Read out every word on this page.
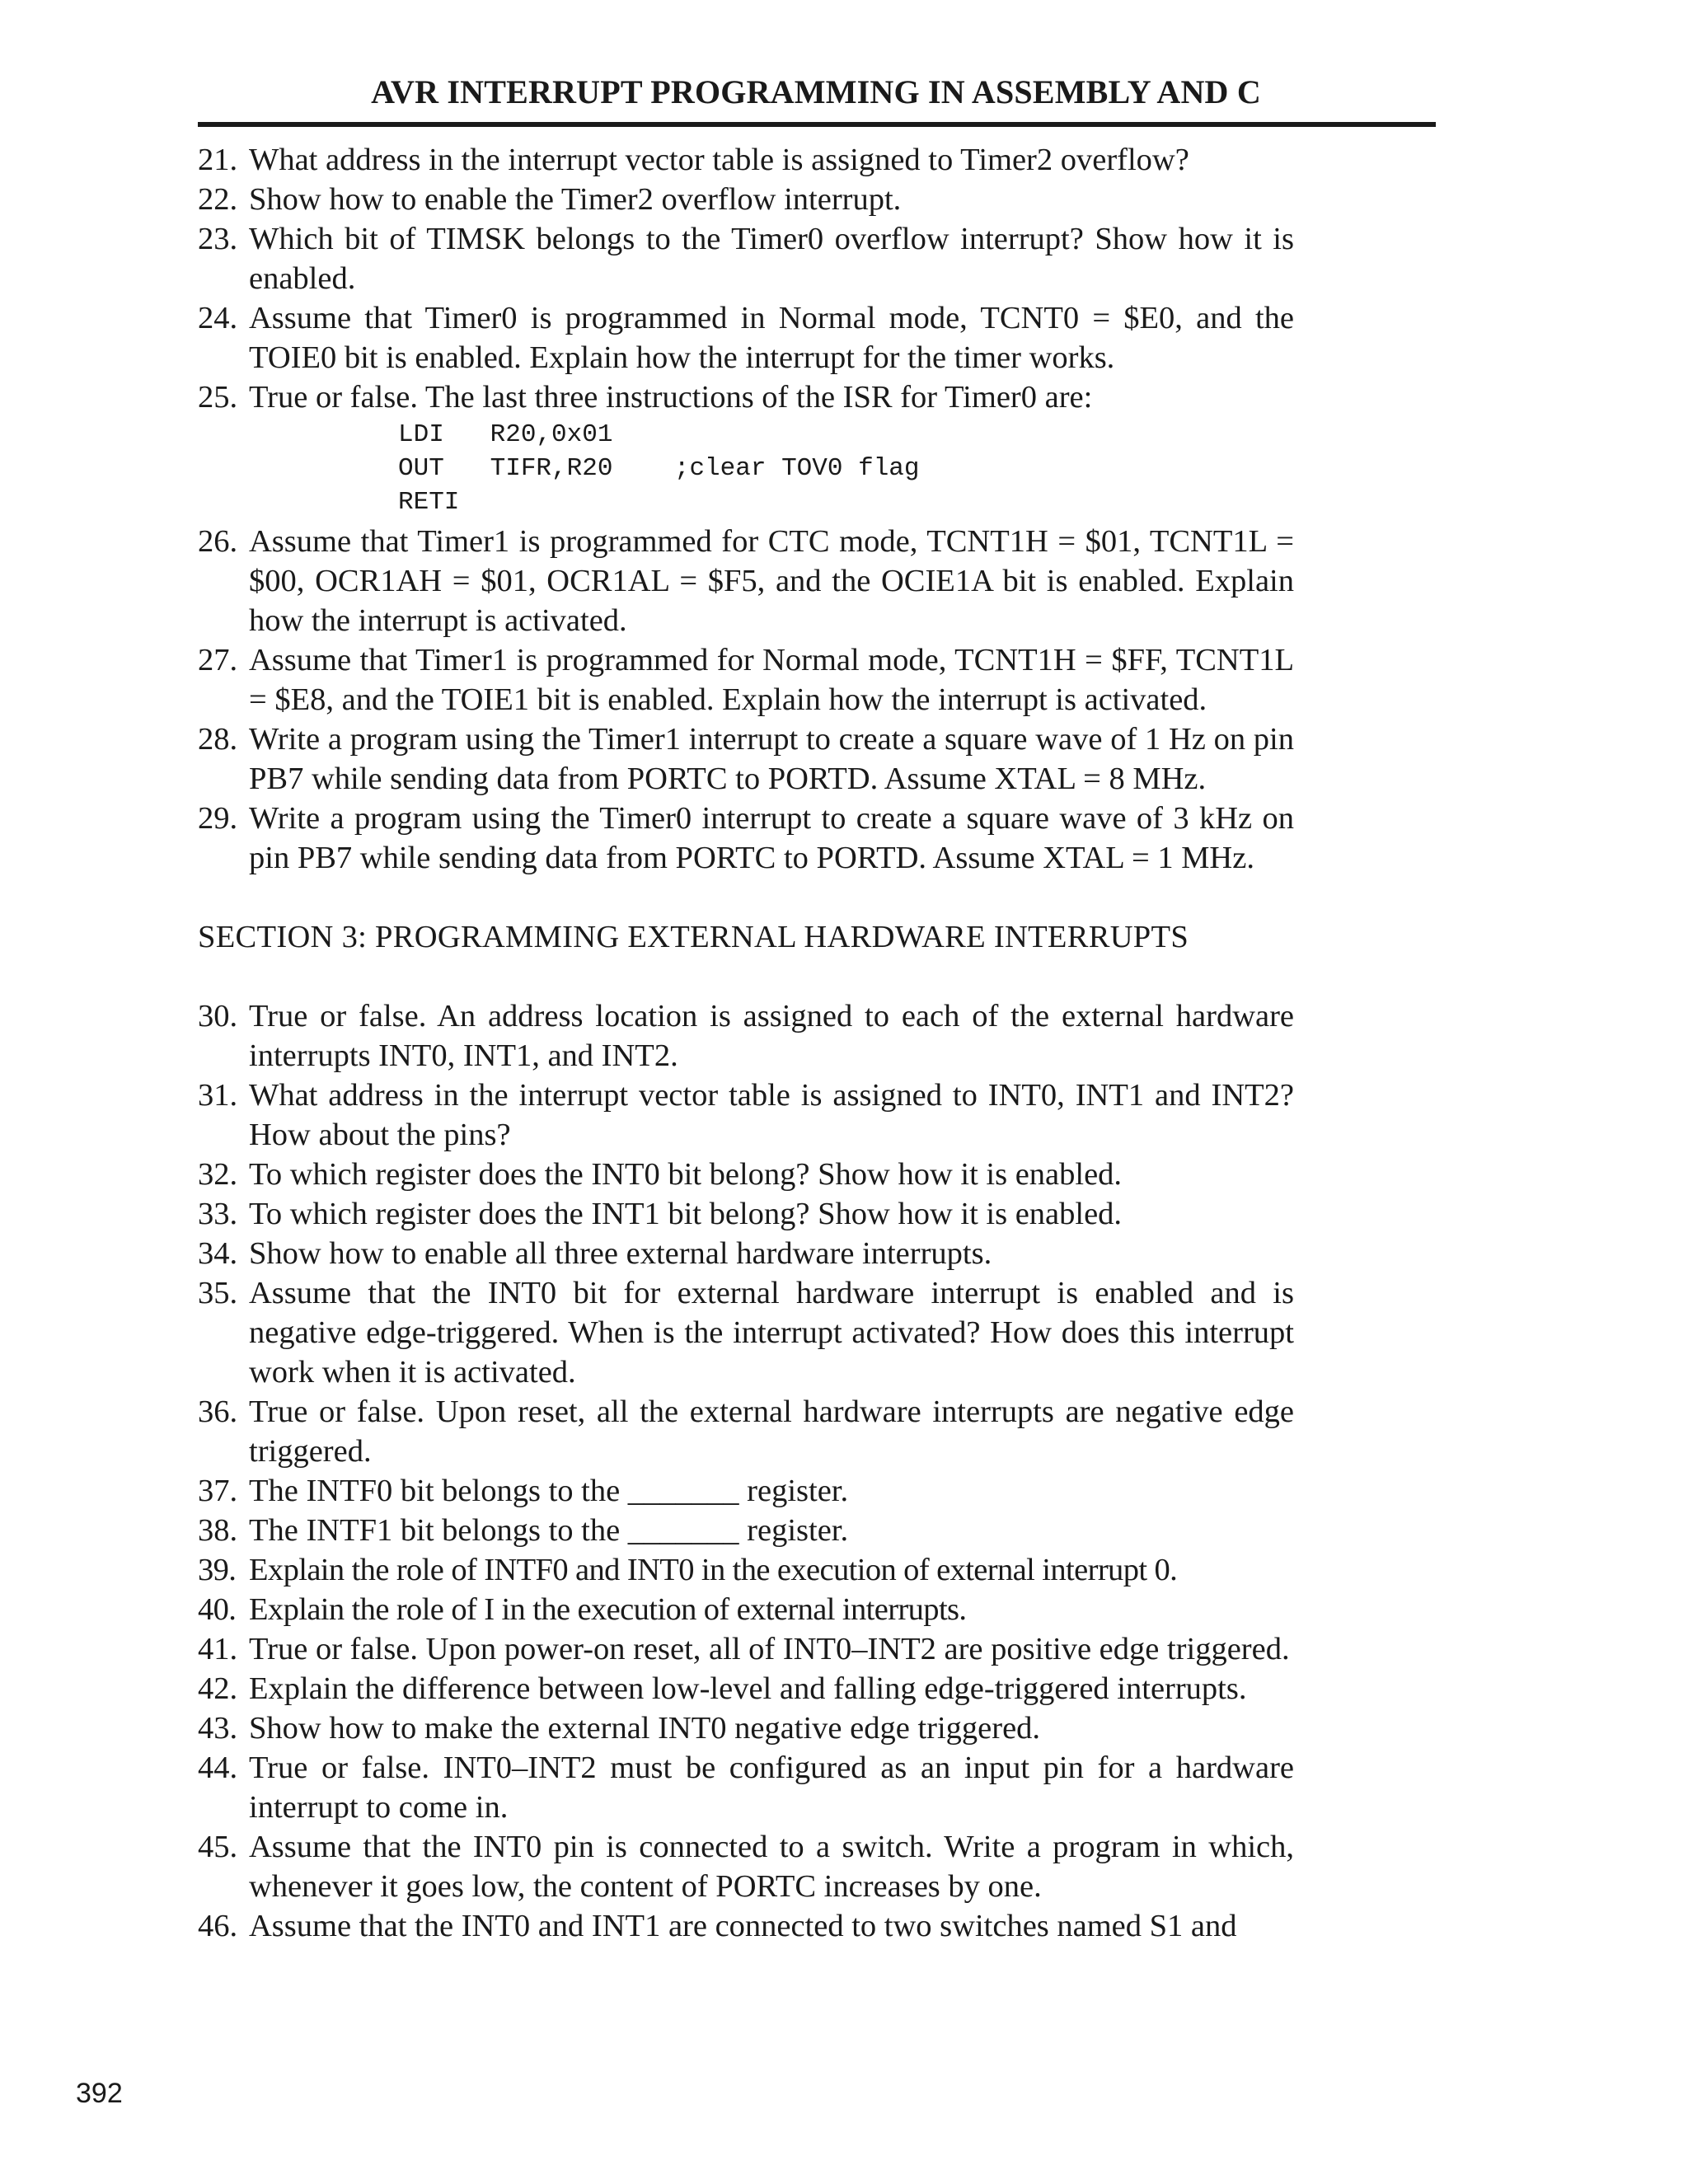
AVR INTERRUPT PROGRAMMING IN ASSEMBLY AND C
21. What address in the interrupt vector table is assigned to Timer2 overflow?
22. Show how to enable the Timer2 overflow interrupt.
23. Which bit of TIMSK belongs to the Timer0 overflow interrupt? Show how it is enabled.
24. Assume that Timer0 is programmed in Normal mode, TCNT0 = $E0, and the TOIE0 bit is enabled. Explain how the interrupt for the timer works.
25. True or false. The last three instructions of the ISR for Timer0 are:
LDI   R20,0x01
OUT   TIFR,R20    ;clear TOV0 flag
RETI
26. Assume that Timer1 is programmed for CTC mode, TCNT1H = $01, TCNT1L = $00, OCR1AH = $01, OCR1AL = $F5, and the OCIE1A bit is enabled. Explain how the interrupt is activated.
27. Assume that Timer1 is programmed for Normal mode, TCNT1H = $FF, TCNT1L = $E8, and the TOIE1 bit is enabled. Explain how the interrupt is activated.
28. Write a program using the Timer1 interrupt to create a square wave of 1 Hz on pin PB7 while sending data from PORTC to PORTD. Assume XTAL = 8 MHz.
29. Write a program using the Timer0 interrupt to create a square wave of 3 kHz on pin PB7 while sending data from PORTC to PORTD. Assume XTAL = 1 MHz.
SECTION 3: PROGRAMMING EXTERNAL HARDWARE INTERRUPTS
30. True or false. An address location is assigned to each of the external hardware interrupts INT0, INT1, and INT2.
31. What address in the interrupt vector table is assigned to INT0, INT1 and INT2? How about the pins?
32. To which register does the INT0 bit belong? Show how it is enabled.
33. To which register does the INT1 bit belong? Show how it is enabled.
34. Show how to enable all three external hardware interrupts.
35. Assume that the INT0 bit for external hardware interrupt is enabled and is negative edge-triggered. When is the interrupt activated? How does this interrupt work when it is activated.
36. True or false. Upon reset, all the external hardware interrupts are negative edge triggered.
37. The INTF0 bit belongs to the _______ register.
38. The INTF1 bit belongs to the _______ register.
39. Explain the role of INTF0 and INT0 in the execution of external interrupt 0.
40. Explain the role of I in the execution of external interrupts.
41. True or false. Upon power-on reset, all of INT0–INT2 are positive edge triggered.
42. Explain the difference between low-level and falling edge-triggered interrupts.
43. Show how to make the external INT0 negative edge triggered.
44. True or false. INT0–INT2 must be configured as an input pin for a hardware interrupt to come in.
45. Assume that the INT0 pin is connected to a switch. Write a program in which, whenever it goes low, the content of PORTC increases by one.
46. Assume that the INT0 and INT1 are connected to two switches named S1 and
392
